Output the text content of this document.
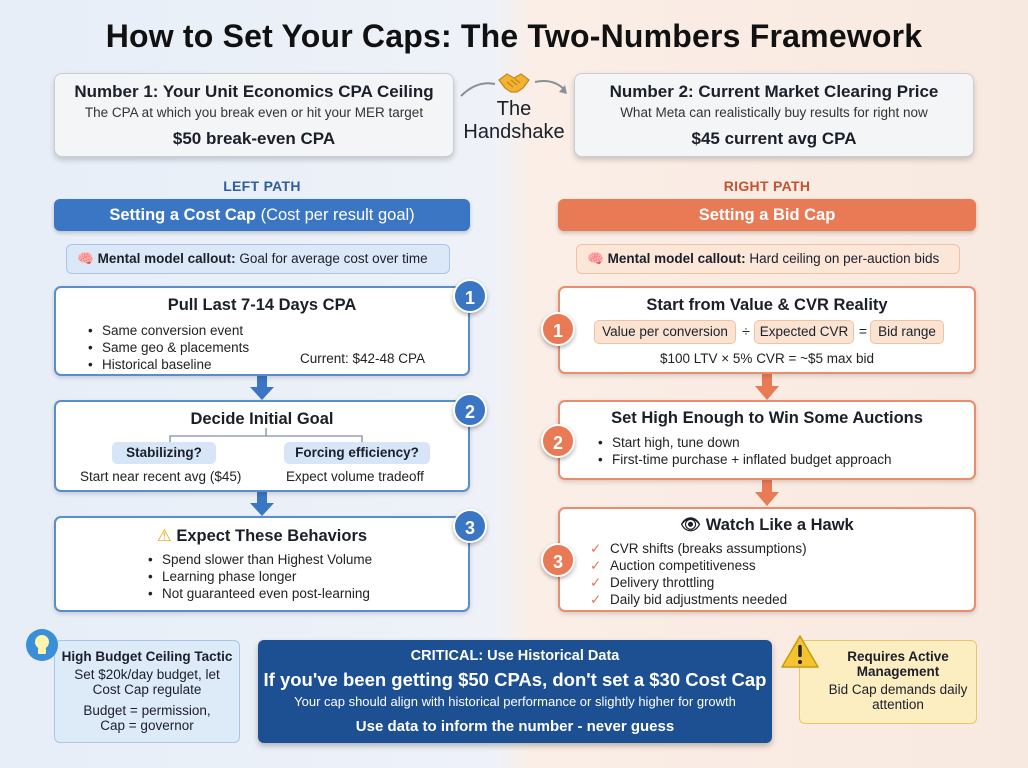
How to Set Your Caps: The Two-Numbers Framework
Number 1: Your Unit Economics CPA Ceiling
The CPA at which you break even or hit your MER target
$50 break-even CPA
Number 2: Current Market Clearing Price
What Meta can realistically buy results for right now
$45 current avg CPA
The
Handshake
LEFT PATH	RIGHT PATH
Setting a Cost Cap (Cost per result goal)	Setting a Bid Cap
🧠 Mental model callout: Goal for average cost over time	🧠 Mental model callout: Hard ceiling on per-auction bids
Pull Last 7-14 Days CPA
• Same conversion event
• Same geo & placements
• Historical baseline	Current: $42-48 CPA
1
Decide Initial Goal
Stabilizing?	Forcing efficiency?
Start near recent avg ($45)	Expect volume tradeoff
2
⚠ Expect These Behaviors
• Spend slower than Highest Volume
• Learning phase longer
• Not guaranteed even post-learning
3
Start from Value & CVR Reality
Value per conversion	÷ Expected CVR = Bid range
$100 LTV × 5% CVR = ~$5 max bid
1
Set High Enough to Win Some Auctions
• Start high, tune down
• First-time purchase + inflated budget approach
2
👁 Watch Like a Hawk
✓ CVR shifts (breaks assumptions)
✓ Auction competitiveness
✓ Delivery throttling
✓ Daily bid adjustments needed
3
High Budget Ceiling Tactic
Set $20k/day budget, let
Cost Cap regulate
Budget = permission,
Cap = governor
CRITICAL: Use Historical Data
If you've been getting $50 CPAs, don't set a $30 Cost Cap
Your cap should align with historical performance or slightly higher for growth
Use data to inform the number - never guess
Requires Active
Management
Bid Cap demands daily
attention
